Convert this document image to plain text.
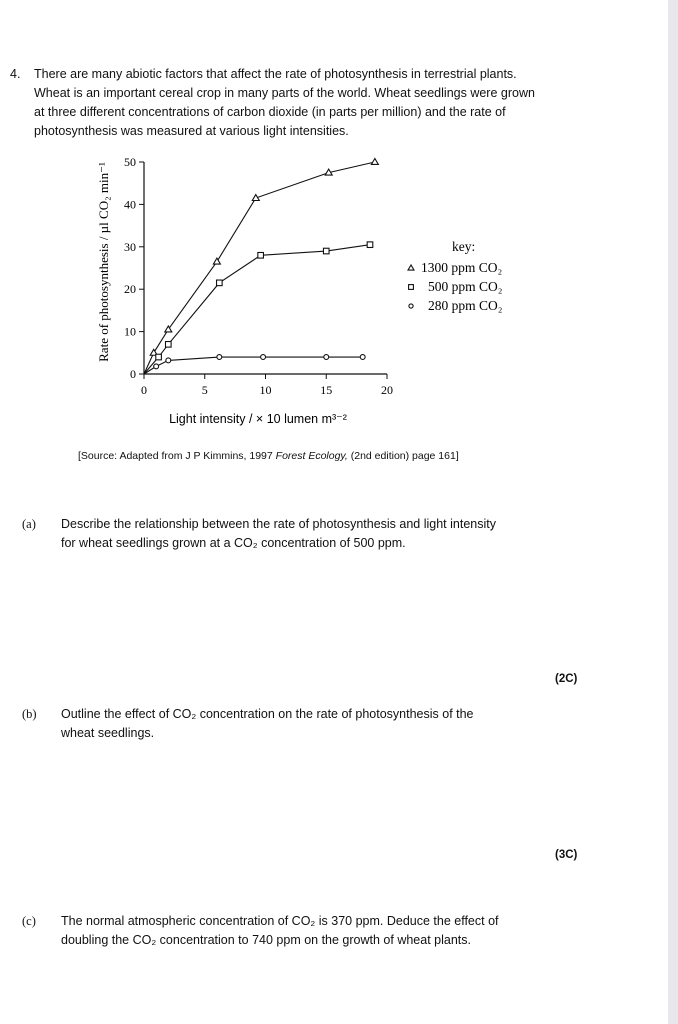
4. There are many abiotic factors that affect the rate of photosynthesis in terrestrial plants.
Wheat is an important cereal crop in many parts of the world. Wheat seedlings were grown
at three different concentrations of carbon dioxide (in parts per million) and the rate of
photosynthesis was measured at various light intensities.
0	5	10	15	20
0
10
20
30
40
50
Rate of photosynthesis / µl CO₂ min⁻¹
Light intensity / × 10 lumen m³⁻²
key:
1300 ppm CO₂
500 ppm CO₂
280 ppm CO₂
[Source: Adapted from J P Kimmins, 1997 Forest Ecology, (2nd edition) page 161]
(a) Describe the relationship between the rate of photosynthesis and light intensity
for wheat seedlings grown at a CO₂ concentration of 500 ppm.
(2C)
(b) Outline the effect of CO₂ concentration on the rate of photosynthesis of the
wheat seedlings.
(3C)
(c) The normal atmospheric concentration of CO₂ is 370 ppm. Deduce the effect of
doubling the CO₂ concentration to 740 ppm on the growth of wheat plants.
